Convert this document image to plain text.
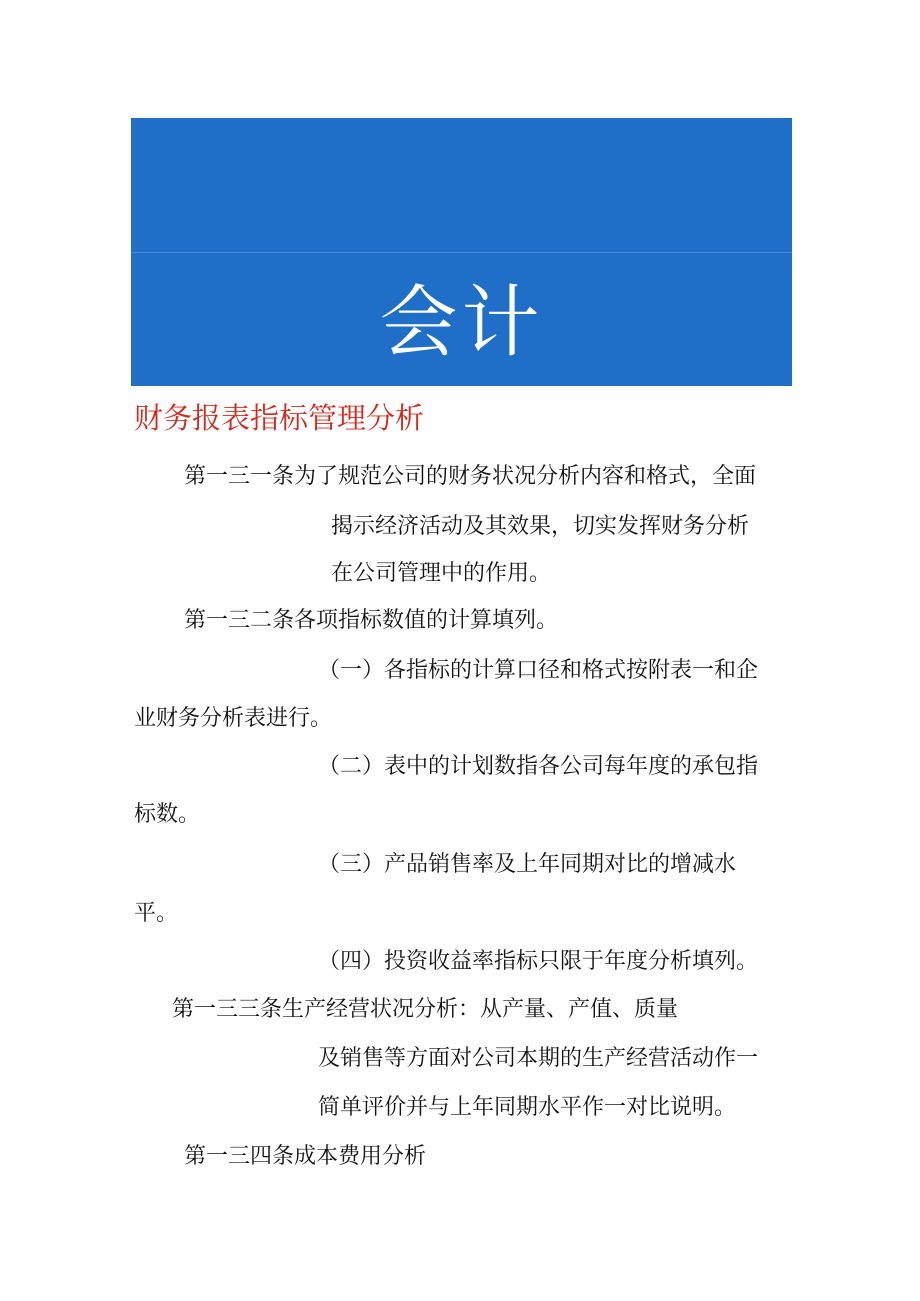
会计
实务
财务报表指标管理分析
第一三一条为了规范公司的财务状况分析内容和格式，全面
揭示经济活动及其效果，切实发挥财务分析
在公司管理中的作用。
第一三二条各项指标数值的计算填列。
（一）各指标的计算口径和格式按附表一和企
业财务分析表进行。
（二）表中的计划数指各公司每年度的承包指
标数。
（三）产品销售率及上年同期对比的增减水
平。
（四）投资收益率指标只限于年度分析填列。
第一三三条生产经营状况分析：从产量、产值、质量
及销售等方面对公司本期的生产经营活动作一
简单评价并与上年同期水平作一对比说明。
第一三四条成本费用分析
